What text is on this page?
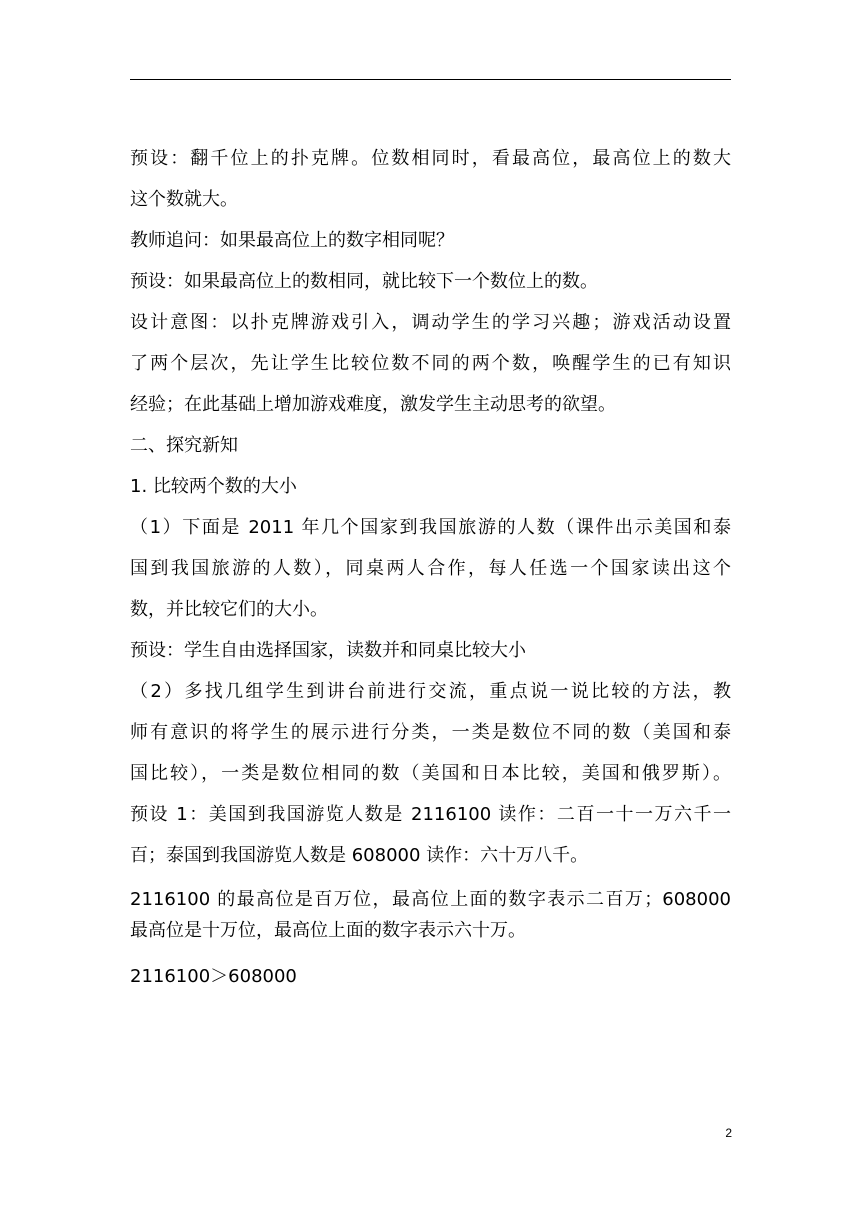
预设：翻千位上的扑克牌。位数相同时，看最高位，最高位上的数大
这个数就大。
教师追问：如果最高位上的数字相同呢？
预设：如果最高位上的数相同，就比较下一个数位上的数。
设计意图：以扑克牌游戏引入，调动学生的学习兴趣；游戏活动设置
了两个层次，先让学生比较位数不同的两个数，唤醒学生的已有知识
经验；在此基础上增加游戏难度，激发学生主动思考的欲望。
二、探究新知
1. 比较两个数的大小
（1）下面是 2011 年几个国家到我国旅游的人数（课件出示美国和泰
国到我国旅游的人数），同桌两人合作，每人任选一个国家读出这个
数，并比较它们的大小。
预设：学生自由选择国家，读数并和同桌比较大小
（2）多找几组学生到讲台前进行交流，重点说一说比较的方法，教
师有意识的将学生的展示进行分类，一类是数位不同的数（美国和泰
国比较），一类是数位相同的数（美国和日本比较，美国和俄罗斯）。
预设 1：美国到我国游览人数是 2116100 读作：二百一十一万六千一
百；泰国到我国游览人数是 608000 读作：六十万八千。
2116100 的最高位是百万位，最高位上面的数字表示二百万；608000
最高位是十万位，最高位上面的数字表示六十万。
2116100＞608000
2
